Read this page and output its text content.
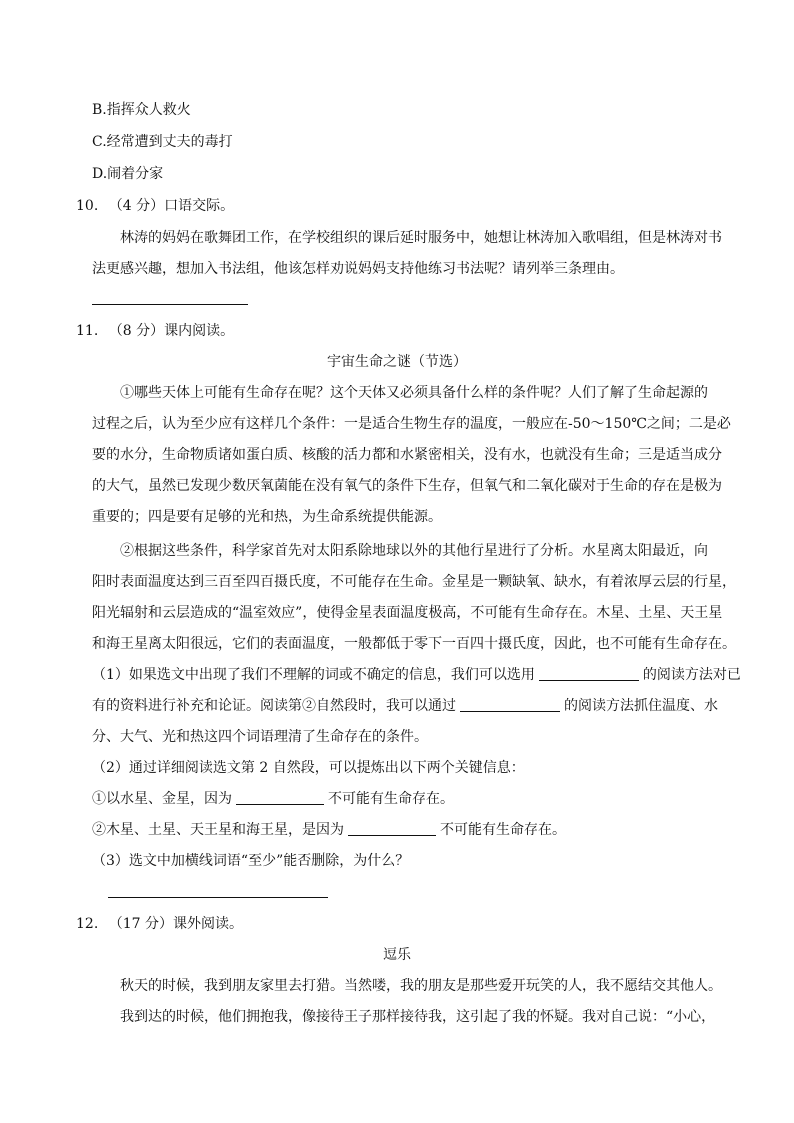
B.指挥众人救火
C.经常遭到丈夫的毒打
D.闹着分家
10. （4 分）口语交际。
林涛的妈妈在歌舞团工作，在学校组织的课后延时服务中，她想让林涛加入歌唱组，但是林涛对书
法更感兴趣，想加入书法组，他该怎样劝说妈妈支持他练习书法呢？请列举三条理由。
11. （8 分）课内阅读。
宇宙生命之谜（节选）
①哪些天体上可能有生命存在呢？这个天体又必须具备什么样的条件呢？人们了解了生命起源的
过程之后，认为至少应有这样几个条件：一是适合生物生存的温度，一般应在-50～150℃之间；二是必
要的水分，生命物质诸如蛋白质、核酸的活力都和水紧密相关，没有水，也就没有生命；三是适当成分
的大气，虽然已发现少数厌氧菌能在没有氧气的条件下生存，但氧气和二氧化碳对于生命的存在是极为
重要的；四是要有足够的光和热，为生命系统提供能源。
②根据这些条件，科学家首先对太阳系除地球以外的其他行星进行了分析。水星离太阳最近，向
阳时表面温度达到三百至四百摄氏度，不可能存在生命。金星是一颗缺氧、缺水，有着浓厚云层的行星，
阳光辐射和云层造成的“温室效应”，使得金星表面温度极高，不可能有生命存在。木星、土星、天王星
和海王星离太阳很远，它们的表面温度，一般都低于零下一百四十摄氏度，因此，也不可能有生命存在。
（1）如果选文中出现了我们不理解的词或不确定的信息，我们可以选用	的阅读方法对已
有的资料进行补充和论证。阅读第②自然段时，我可以通过	的阅读方法抓住温度、水
分、大气、光和热这四个词语理清了生命存在的条件。
（2）通过详细阅读选文第 2 自然段，可以提炼出以下两个关键信息：
①以水星、金星，因为	不可能有生命存在。
②木星、土星、天王星和海王星，是因为	不可能有生命存在。
（3）选文中加横线词语“至少”能否删除，为什么？
12. （17 分）课外阅读。
逗乐
秋天的时候，我到朋友家里去打猎。当然喽，我的朋友是那些爱开玩笑的人，我不愿结交其他人。
我到达的时候，他们拥抱我，像接待王子那样接待我，这引起了我的怀疑。我对自己说：“小心，
